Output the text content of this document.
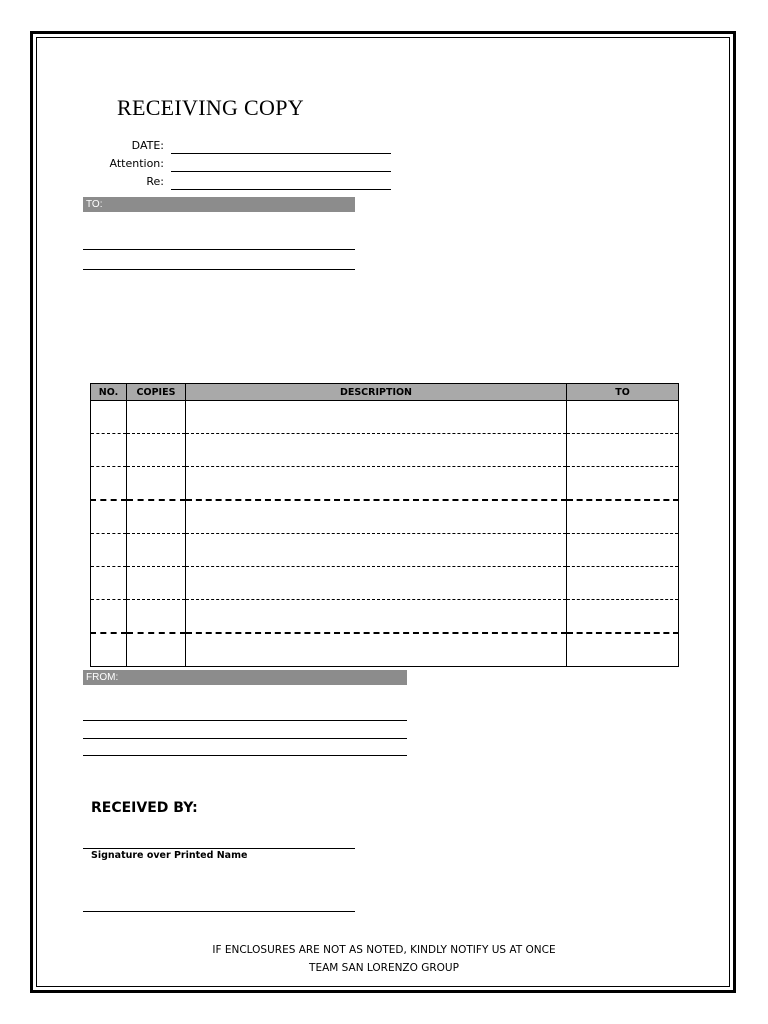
RECEIVING COPY
DATE:
Attention:
Re:
TO:
NO.	COPIES	DESCRIPTION	TO

FROM:
RECEIVED BY:
Signature over Printed Name
IF ENCLOSURES ARE NOT AS NOTED, KINDLY NOTIFY US AT ONCE
TEAM SAN LORENZO GROUP
